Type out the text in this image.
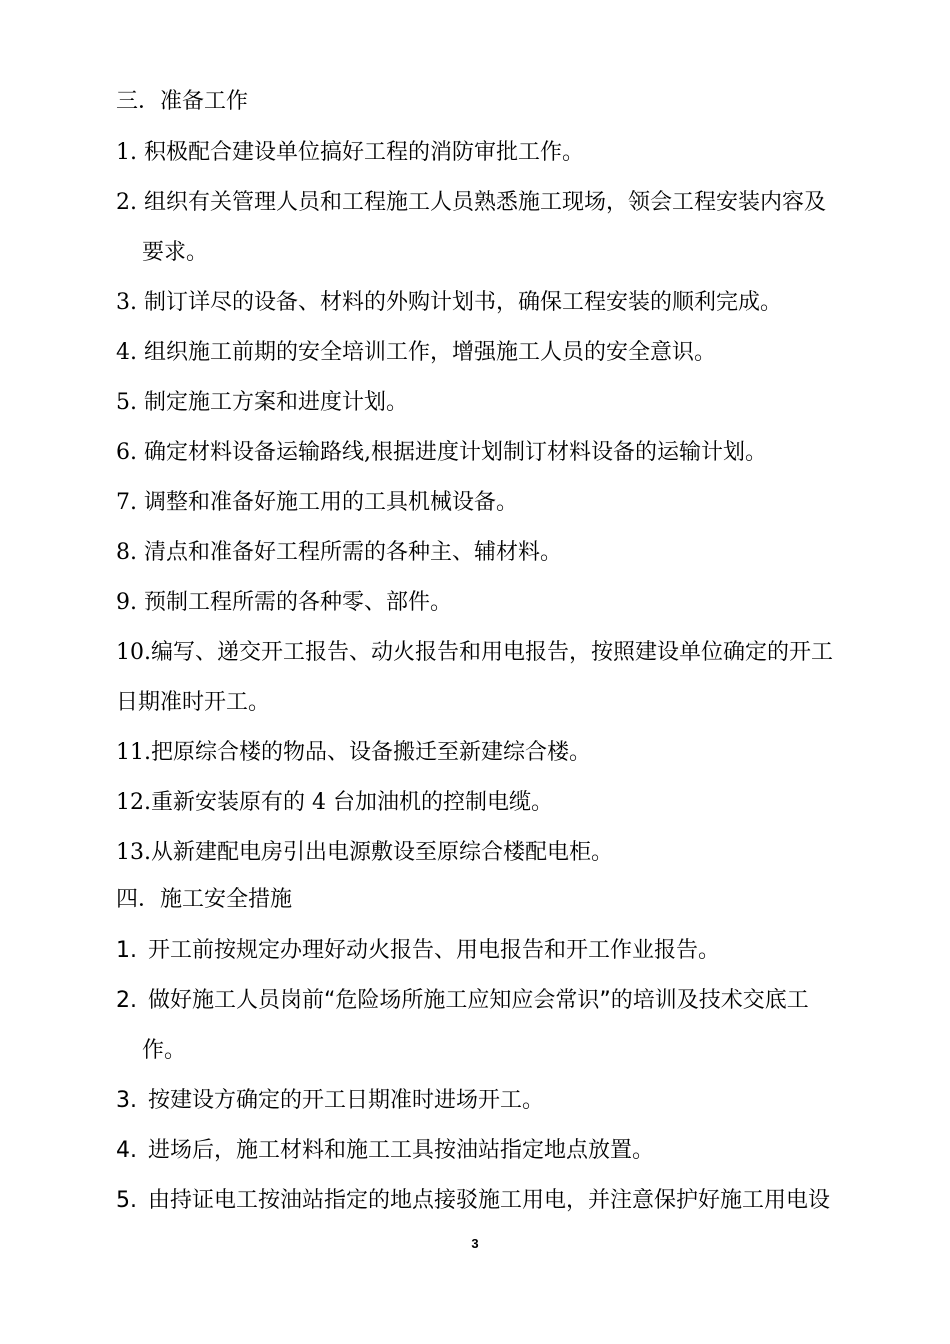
三．准备工作
1. 积极配合建设单位搞好工程的消防审批工作。
2. 组织有关管理人员和工程施工人员熟悉施工现场，领会工程安装内容及
要求。
3. 制订详尽的设备、材料的外购计划书，确保工程安装的顺利完成。
4. 组织施工前期的安全培训工作，增强施工人员的安全意识。
5. 制定施工方案和进度计划。
6. 确定材料设备运输路线,根据进度计划制订材料设备的运输计划。
7. 调整和准备好施工用的工具机械设备。
8. 清点和准备好工程所需的各种主、辅材料。
9. 预制工程所需的各种零、部件。
10.编写、递交开工报告、动火报告和用电报告，按照建设单位确定的开工
日期准时开工。
11.把原综合楼的物品、设备搬迁至新建综合楼。
12.重新安装原有的 4 台加油机的控制电缆。
13.从新建配电房引出电源敷设至原综合楼配电柜。
四．施工安全措施
1. 开工前按规定办理好动火报告、用电报告和开工作业报告。
2. 做好施工人员岗前“危险场所施工应知应会常识”的培训及技术交底工
作。
3. 按建设方确定的开工日期准时进场开工。
4. 进场后，施工材料和施工工具按油站指定地点放置。
5. 由持证电工按油站指定的地点接驳施工用电，并注意保护好施工用电设
3
